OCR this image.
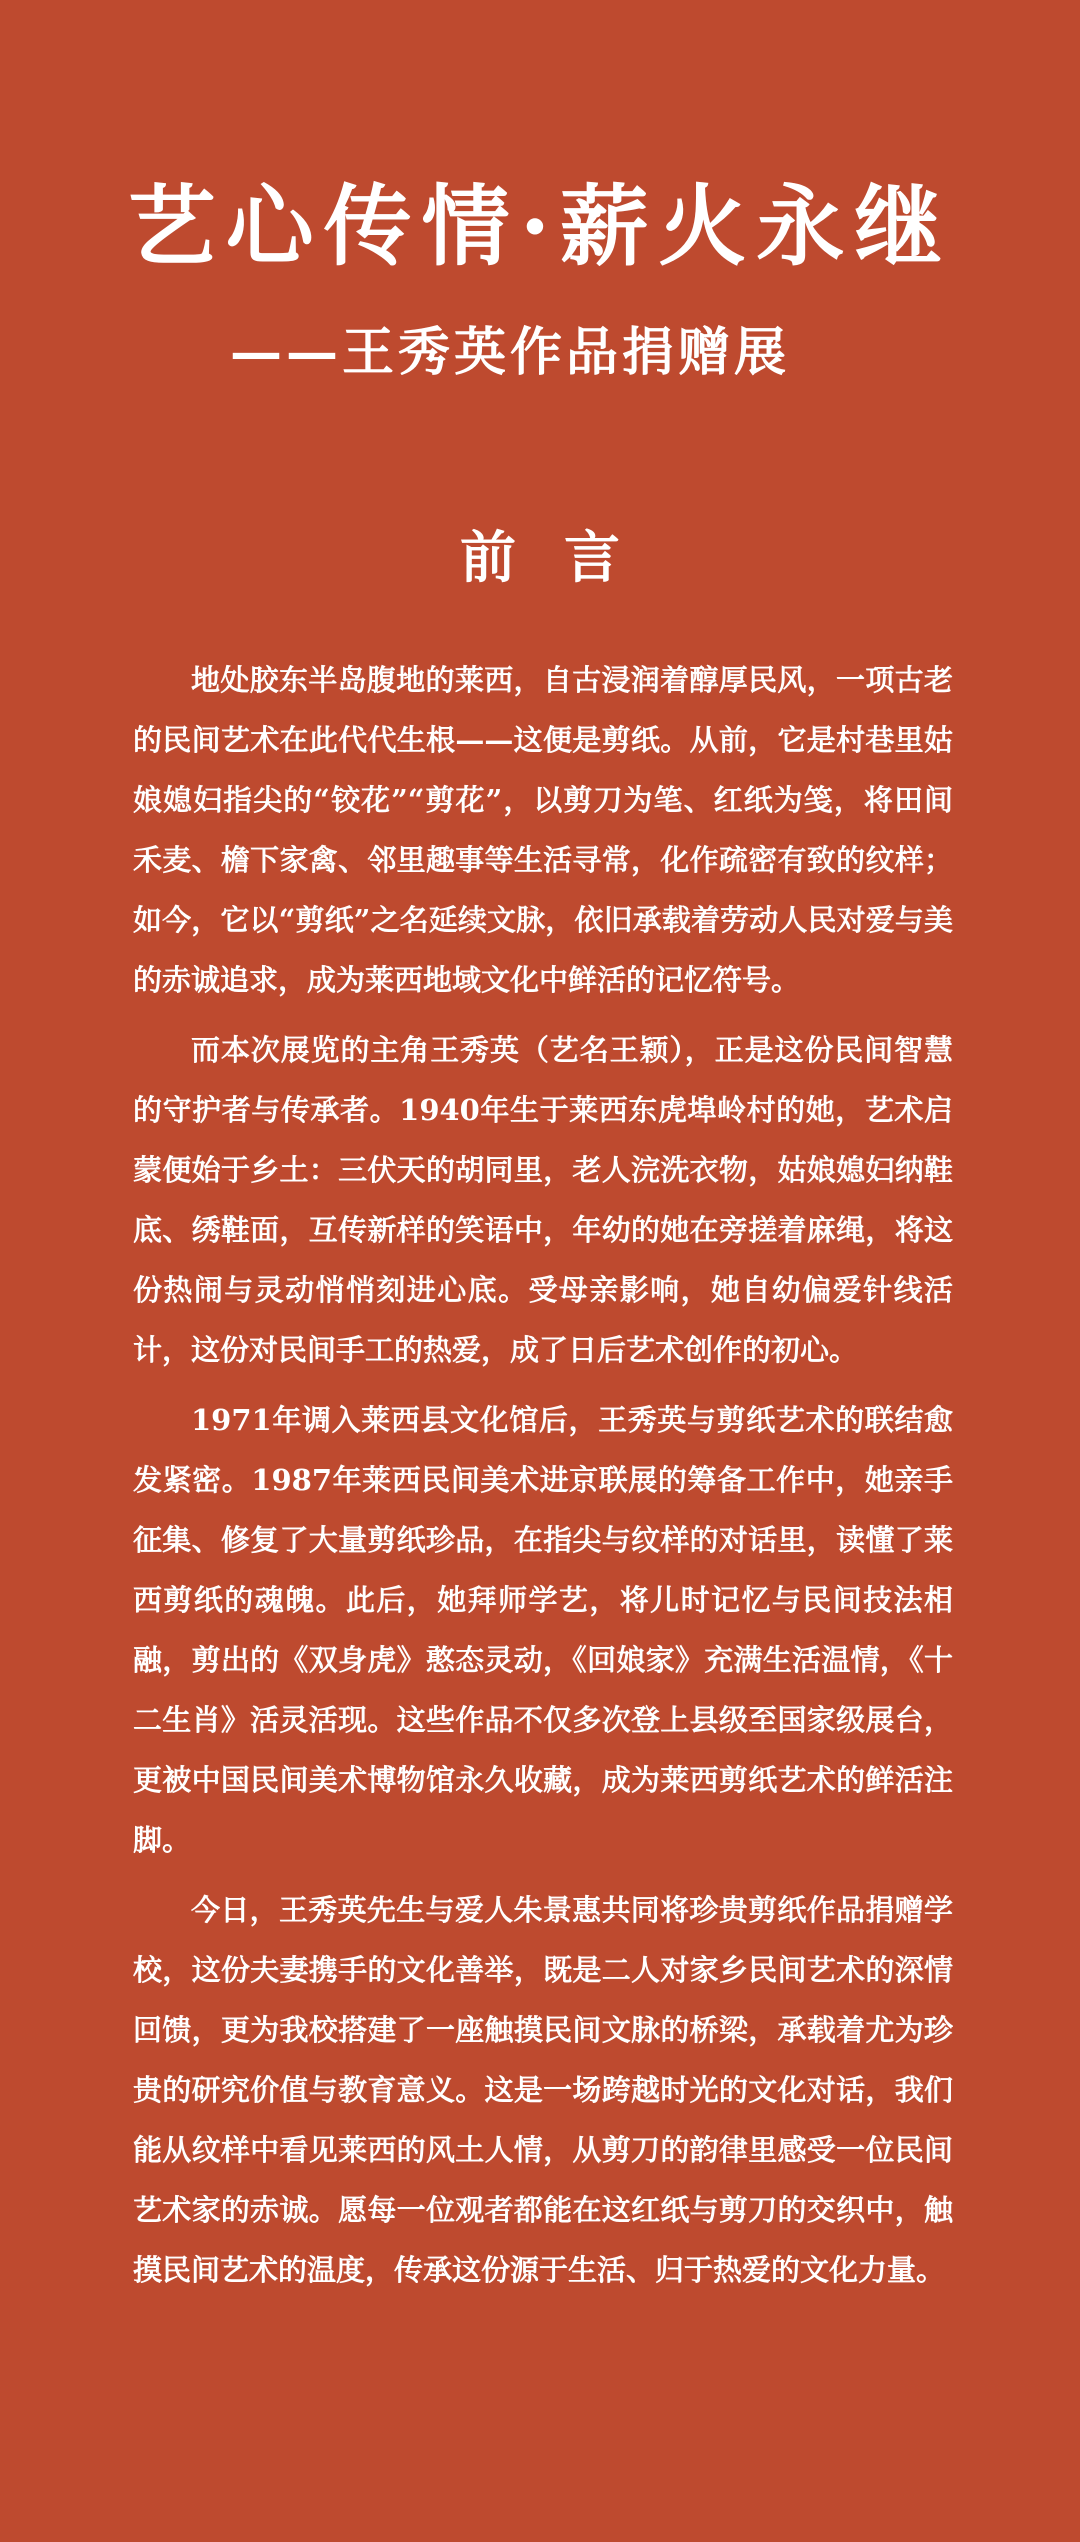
艺心传情·薪火永继
——王秀英作品捐赠展
前言

地处胶东半岛腹地的莱西，自古浸润着醇厚民风，一项古老的民间艺术在此代代生根——这便是剪纸。从前，它是村巷里姑娘媳妇指尖的“铰花”“剪花”，以剪刀为笔、红纸为笺，将田间禾麦、檐下家禽、邻里趣事等生活寻常，化作疏密有致的纹样；如今，它以“剪纸”之名延续文脉，依旧承载着劳动人民对爱与美的赤诚追求，成为莱西地域文化中鲜活的记忆符号。

而本次展览的主角王秀英（艺名王颖），正是这份民间智慧的守护者与传承者。1940年生于莱西东虎埠岭村的她，艺术启蒙便始于乡土：三伏天的胡同里，老人浣洗衣物，姑娘媳妇纳鞋底、绣鞋面，互传新样的笑语中，年幼的她在旁搓着麻绳，将这份热闹与灵动悄悄刻进心底。受母亲影响，她自幼偏爱针线活计，这份对民间手工的热爱，成了日后艺术创作的初心。

1971年调入莱西县文化馆后，王秀英与剪纸艺术的联结愈发紧密。1987年莱西民间美术进京联展的筹备工作中，她亲手征集、修复了大量剪纸珍品，在指尖与纹样的对话里，读懂了莱西剪纸的魂魄。此后，她拜师学艺，将儿时记忆与民间技法相融，剪出的《双身虎》憨态灵动，《回娘家》充满生活温情，《十二生肖》活灵活现。这些作品不仅多次登上县级至国家级展台，更被中国民间美术博物馆永久收藏，成为莱西剪纸艺术的鲜活注脚。

今日，王秀英先生与爱人朱景惠共同将珍贵剪纸作品捐赠学校，这份夫妻携手的文化善举，既是二人对家乡民间艺术的深情回馈，更为我校搭建了一座触摸民间文脉的桥梁，承载着尤为珍贵的研究价值与教育意义。这是一场跨越时光的文化对话，我们能从纹样中看见莱西的风土人情，从剪刀的韵律里感受一位民间艺术家的赤诚。愿每一位观者都能在这红纸与剪刀的交织中，触摸民间艺术的温度，传承这份源于生活、归于热爱的文化力量。
